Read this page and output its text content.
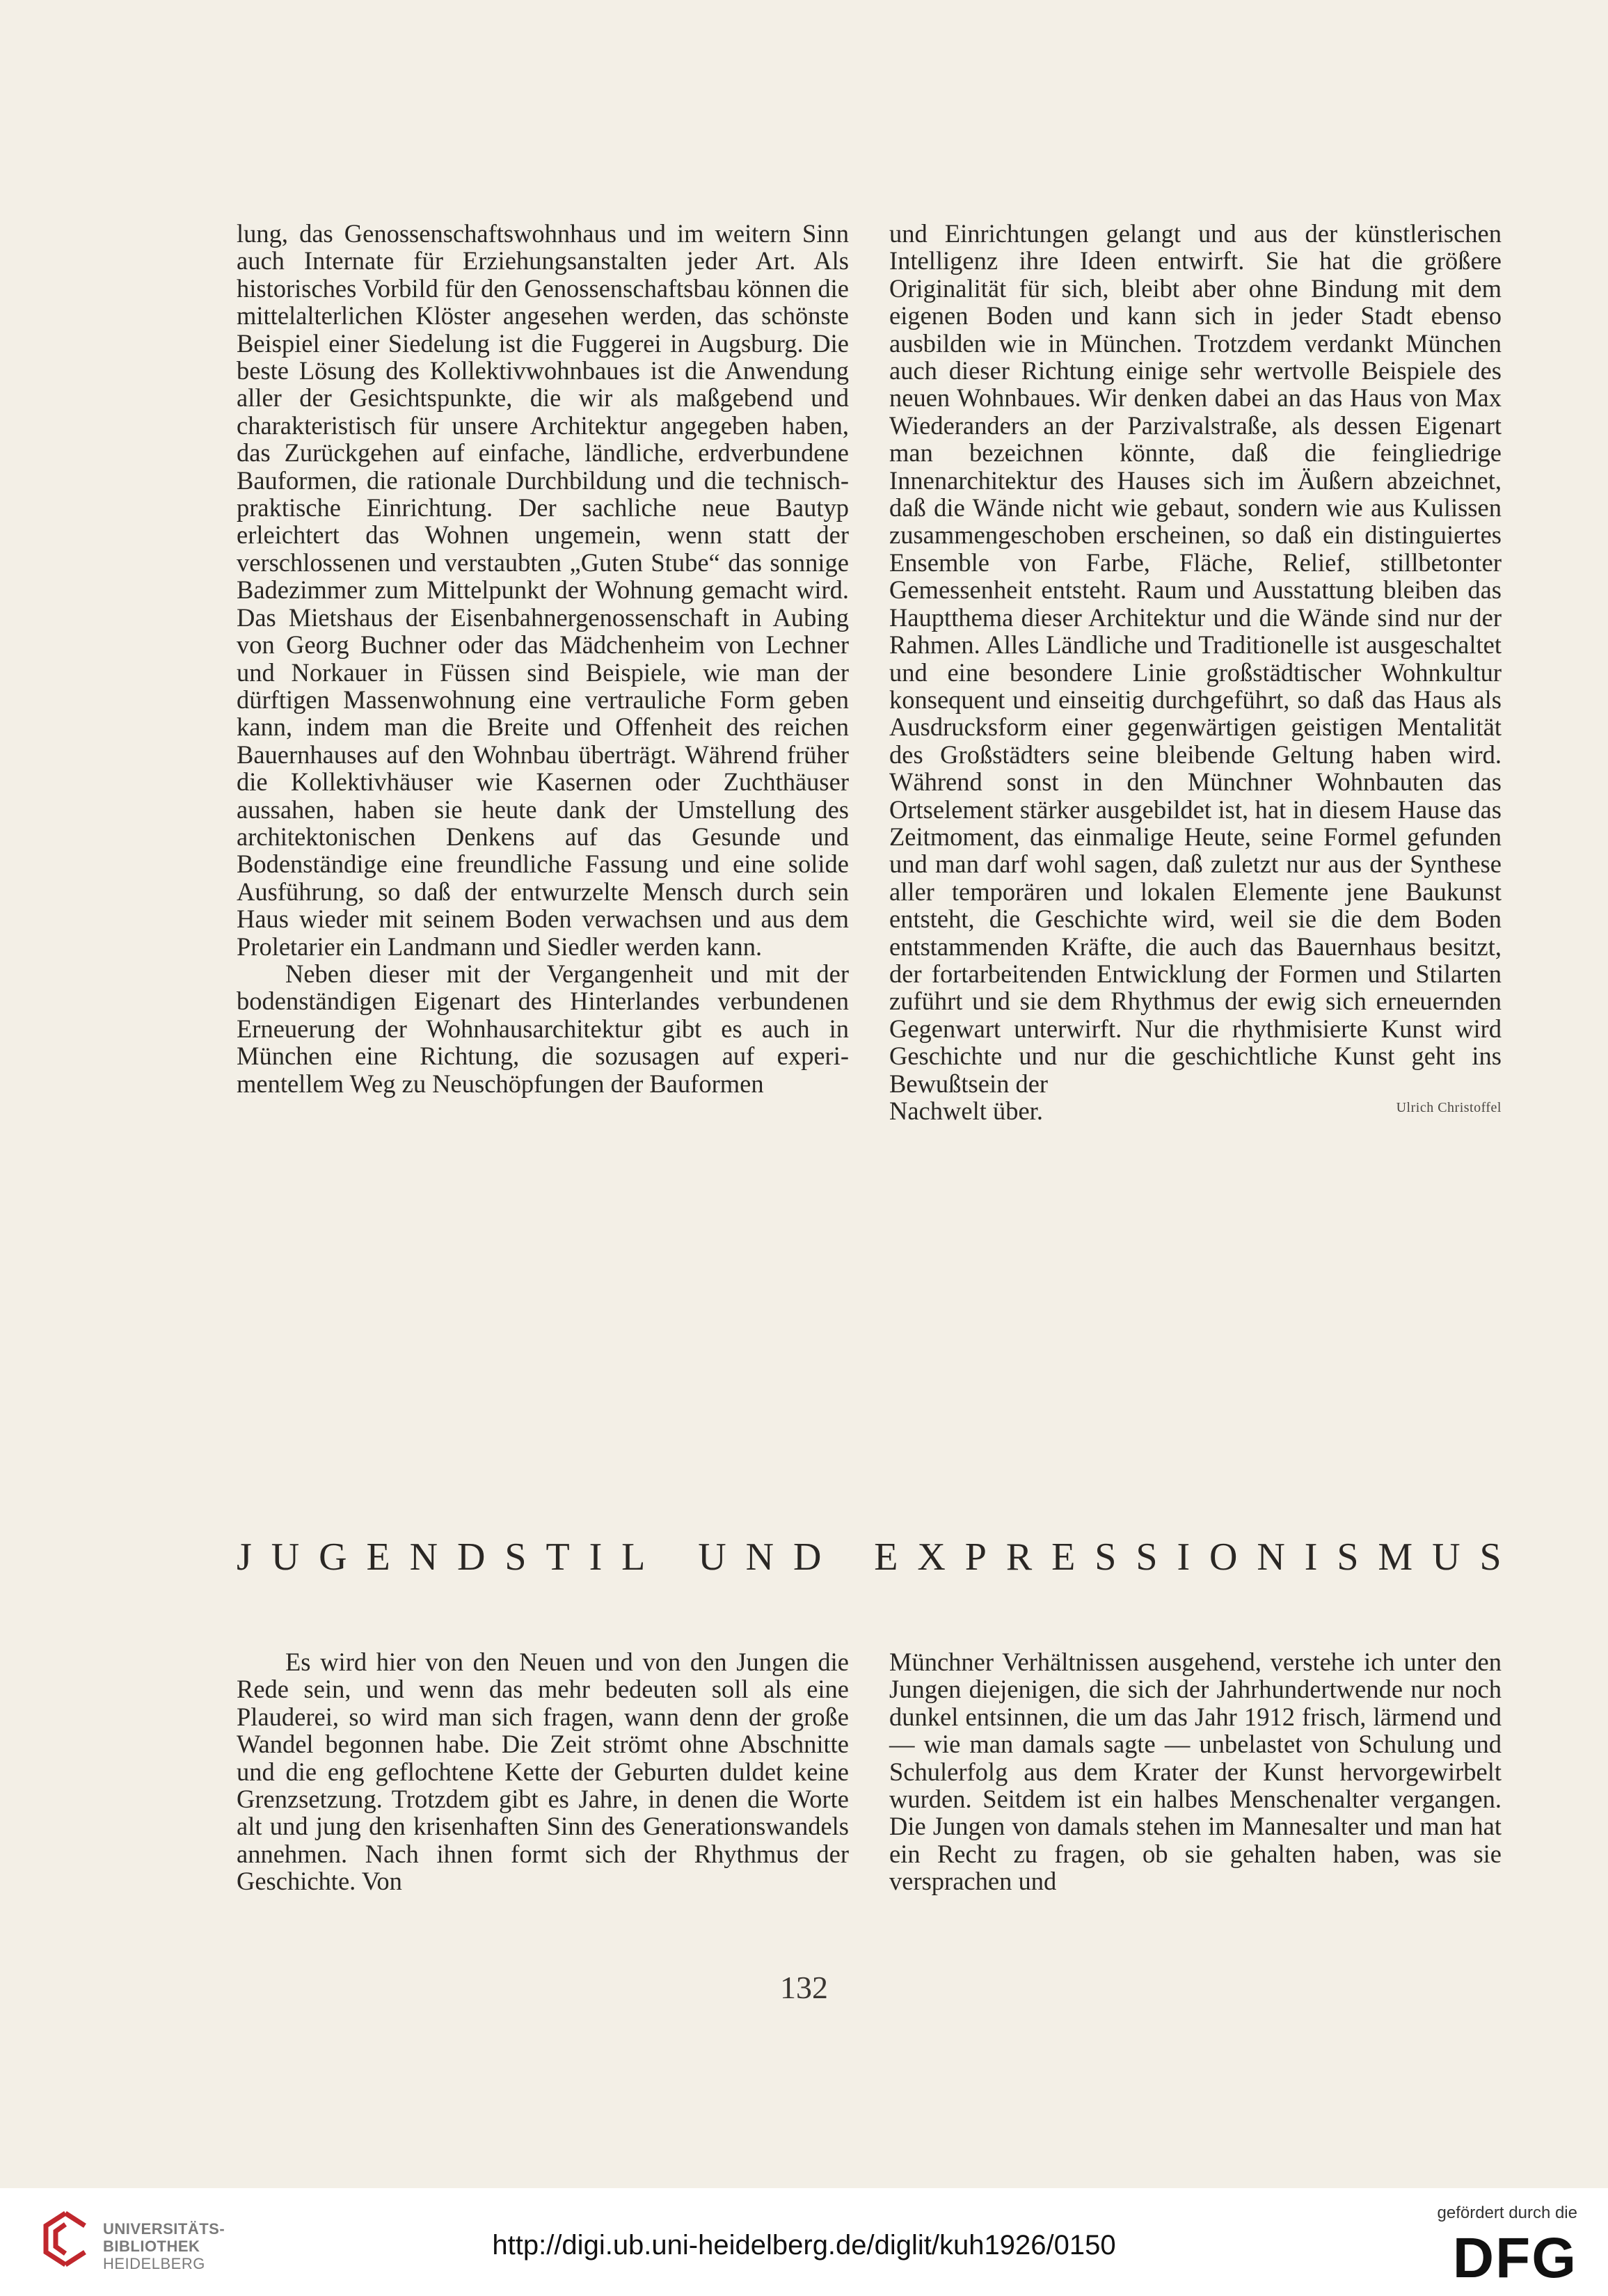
lung, das Genossenschaftswohnhaus und im weitern Sinn auch Internate für Erziehungsanstalten jeder Art. Als historisches Vorbild für den Genossenschaftsbau können die mittelalterlichen Klöster angesehen werden, das schönste Beispiel einer Siedelung ist die Fuggerei in Augsburg. Die beste Lösung des Kollektivwohnbaues ist die Anwendung aller der Gesichtspunkte, die wir als maßgebend und charakteristisch für unsere Architektur angegeben haben, das Zurückgehen auf einfache, ländliche, erdverbundene Bauformen, die rationale Durchbildung und die technisch-praktische Einrichtung. Der sachliche neue Bautyp erleichtert das Wohnen ungemein, wenn statt der verschlossenen und verstaubten „Guten Stube“ das sonnige Badezimmer zum Mittelpunkt der Wohnung gemacht wird. Das Mietshaus der Eisenbahnergenossenschaft in Aubing von Georg Buchner oder das Mädchenheim von Lechner und Norkauer in Füssen sind Beispiele, wie man der dürftigen Massenwohnung eine vertrauliche Form geben kann, indem man die Breite und Offenheit des reichen Bauernhauses auf den Wohnbau überträgt. Während früher die Kollektivhäuser wie Kasernen oder Zuchthäuser aussahen, haben sie heute dank der Umstellung des architektonischen Denkens auf das Gesunde und Bodenständige eine freundliche Fassung und eine solide Ausführung, so daß der entwurzelte Mensch durch sein Haus wieder mit seinem Boden verwachsen und aus dem Proletarier ein Landmann und Siedler werden kann.

Neben dieser mit der Vergangenheit und mit der bodenständigen Eigenart des Hinterlandes verbundenen Erneuerung der Wohnhausarchitektur gibt es auch in München eine Richtung, die sozusagen auf experimentellem Weg zu Neuschöpfungen der Bauformen

und Einrichtungen gelangt und aus der künstlerischen Intelligenz ihre Ideen entwirft. Sie hat die größere Originalität für sich, bleibt aber ohne Bindung mit dem eigenen Boden und kann sich in jeder Stadt ebenso ausbilden wie in München. Trotzdem verdankt München auch dieser Richtung einige sehr wertvolle Beispiele des neuen Wohnbaues. Wir denken dabei an das Haus von Max Wiederanders an der Parzivalstraße, als dessen Eigenart man bezeichnen könnte, daß die feingliedrige Innenarchitektur des Hauses sich im Äußern abzeichnet, daß die Wände nicht wie gebaut, sondern wie aus Kulissen zusammengeschoben erscheinen, so daß ein distinguiertes Ensemble von Farbe, Fläche, Relief, stillbetonter Gemessenheit entsteht. Raum und Ausstattung bleiben das Hauptthema dieser Architektur und die Wände sind nur der Rahmen. Alles Ländliche und Traditionelle ist ausgeschaltet und eine besondere Linie großstädtischer Wohnkultur konsequent und einseitig durchgeführt, so daß das Haus als Ausdrucksform einer gegenwärtigen geistigen Mentalität des Großstädters seine bleibende Geltung haben wird. Während sonst in den Münchner Wohnbauten das Ortselement stärker ausgebildet ist, hat in diesem Hause das Zeitmoment, das einmalige Heute, seine Formel gefunden und man darf wohl sagen, daß zuletzt nur aus der Synthese aller temporären und lokalen Elemente jene Baukunst entsteht, die Geschichte wird, weil sie die dem Boden entstammenden Kräfte, die auch das Bauernhaus besitzt, der fortarbeitenden Entwicklung der Formen und Stilarten zuführt und sie dem Rhythmus der ewig sich erneuernden Gegenwart unterwirft. Nur die rhythmisierte Kunst wird Geschichte und nur die geschichtliche Kunst geht ins Bewußtsein der

Nachwelt über.	Ulrich Christoffel
J U G E N D S T I L U N D E X P R E S S I O N I S M U S

Es wird hier von den Neuen und von den Jungen die Rede sein, und wenn das mehr bedeuten soll als eine Plauderei, so wird man sich fragen, wann denn der große Wandel begonnen habe. Die Zeit strömt ohne Abschnitte und die eng geflochtene Kette der Geburten duldet keine Grenzsetzung. Trotzdem gibt es Jahre, in denen die Worte alt und jung den krisenhaften Sinn des Generationswandels annehmen. Nach ihnen formt sich der Rhythmus der Geschichte. Von

Münchner Verhältnissen ausgehend, verstehe ich unter den Jungen diejenigen, die sich der Jahrhundertwende nur noch dunkel entsinnen, die um das Jahr 1912 frisch, lärmend und — wie man damals sagte — unbelastet von Schulung und Schulerfolg aus dem Krater der Kunst hervorgewirbelt wurden. Seitdem ist ein halbes Menschenalter vergangen. Die Jungen von damals stehen im Mannesalter und man hat ein Recht zu fragen, ob sie gehalten haben, was sie versprachen und

132
UNIVERSITÄTS-
BIBLIOTHEK
HEIDELBERG
http://digi.ub.uni-heidelberg.de/diglit/kuh1926/0150
gefördert durch die
DFG
